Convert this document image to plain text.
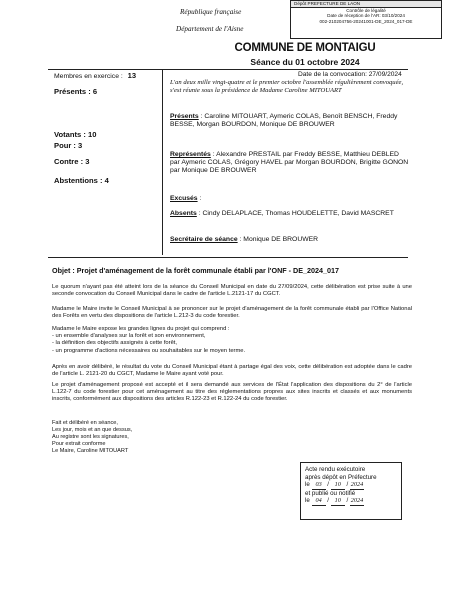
République française
Département de l'Aisne
Dépôt PREFECTURE DE LAON
Contrôle de légalité
Date de réception de l'AR: 03/10/2024
002-210204756-20241001-DE_2024_017-DE
COMMUNE DE MONTAIGU
Séance du 01 octobre 2024
Membres en exercice : 13
Présents : 6
Votants : 10
Pour : 3
Contre : 3
Abstentions : 4
Date de la convocation: 27/09/2024
L'an deux mille vingt-quatre et le premier octobre l'assemblée régulièrement convoquée, s'est réunie sous la présidence de Madame Caroline MITOUART
Présents : Caroline MITOUART, Aymeric COLAS, Benoît BENSCH, Freddy BESSE, Morgan BOURDON, Monique DE BROUWER
Représentés : Alexandre PRESTAIL par Freddy BESSE, Matthieu DEBLED par Aymeric COLAS, Grégory HAVEL par Morgan BOURDON, Brigitte GONON par Monique DE BROUWER
Excusés :
Absents : Cindy DELAPLACE, Thomas HOUDELETTE, David MASCRET
Secrétaire de séance : Monique DE BROUWER
Objet : Projet d'aménagement de la forêt communale établi par l'ONF - DE_2024_017
Le quorum n'ayant pas été atteint lors de la séance du Conseil Municipal en date du 27/09/2024, cette délibération est prise suite à une seconde convocation du Conseil Municipal dans le cadre de l'article L.2121-17 du CGCT.
Madame le Maire invite le Conseil Municipal à se prononcer sur le projet d'aménagement de la forêt communale établi par l'Office National des Forêts en vertu des dispositions de l'article L.212-3 du code forestier.
Madame le Maire expose les grandes lignes du projet qui comprend :
- un ensemble d'analyses sur la forêt et son environnement,
- la définition des objectifs assignés à cette forêt,
- un programme d'actions nécessaires ou souhaitables sur le moyen terme.
Après en avoir délibéré, le résultat du vote du Conseil Municipal étant à partage égal des voix, cette délibération est adoptée dans le cadre de l'article L. 2121-20 du CGCT, Madame le Maire ayant voté pour.
Le projet d'aménagement proposé est accepté et il sera demandé aux services de l'État l'application des dispositions du 2° de l'article L.122-7 du code forestier pour cet aménagement au titre des réglementations propres aux sites inscrits et classés et aux monuments inscrits, conformément aux dispositions des articles R.122-23 et R.122-24 du code forestier.
Fait et délibéré en séance,
Les jour, mois et an que dessus,
Au registre sont les signatures,
Pour extrait conforme
Le Maire, Caroline MITOUART
Acte rendu exécutoire
après dépôt en Préfecture
le 03 / 10 / 2024
et publié ou notifié
le 04 / 10 / 2024
